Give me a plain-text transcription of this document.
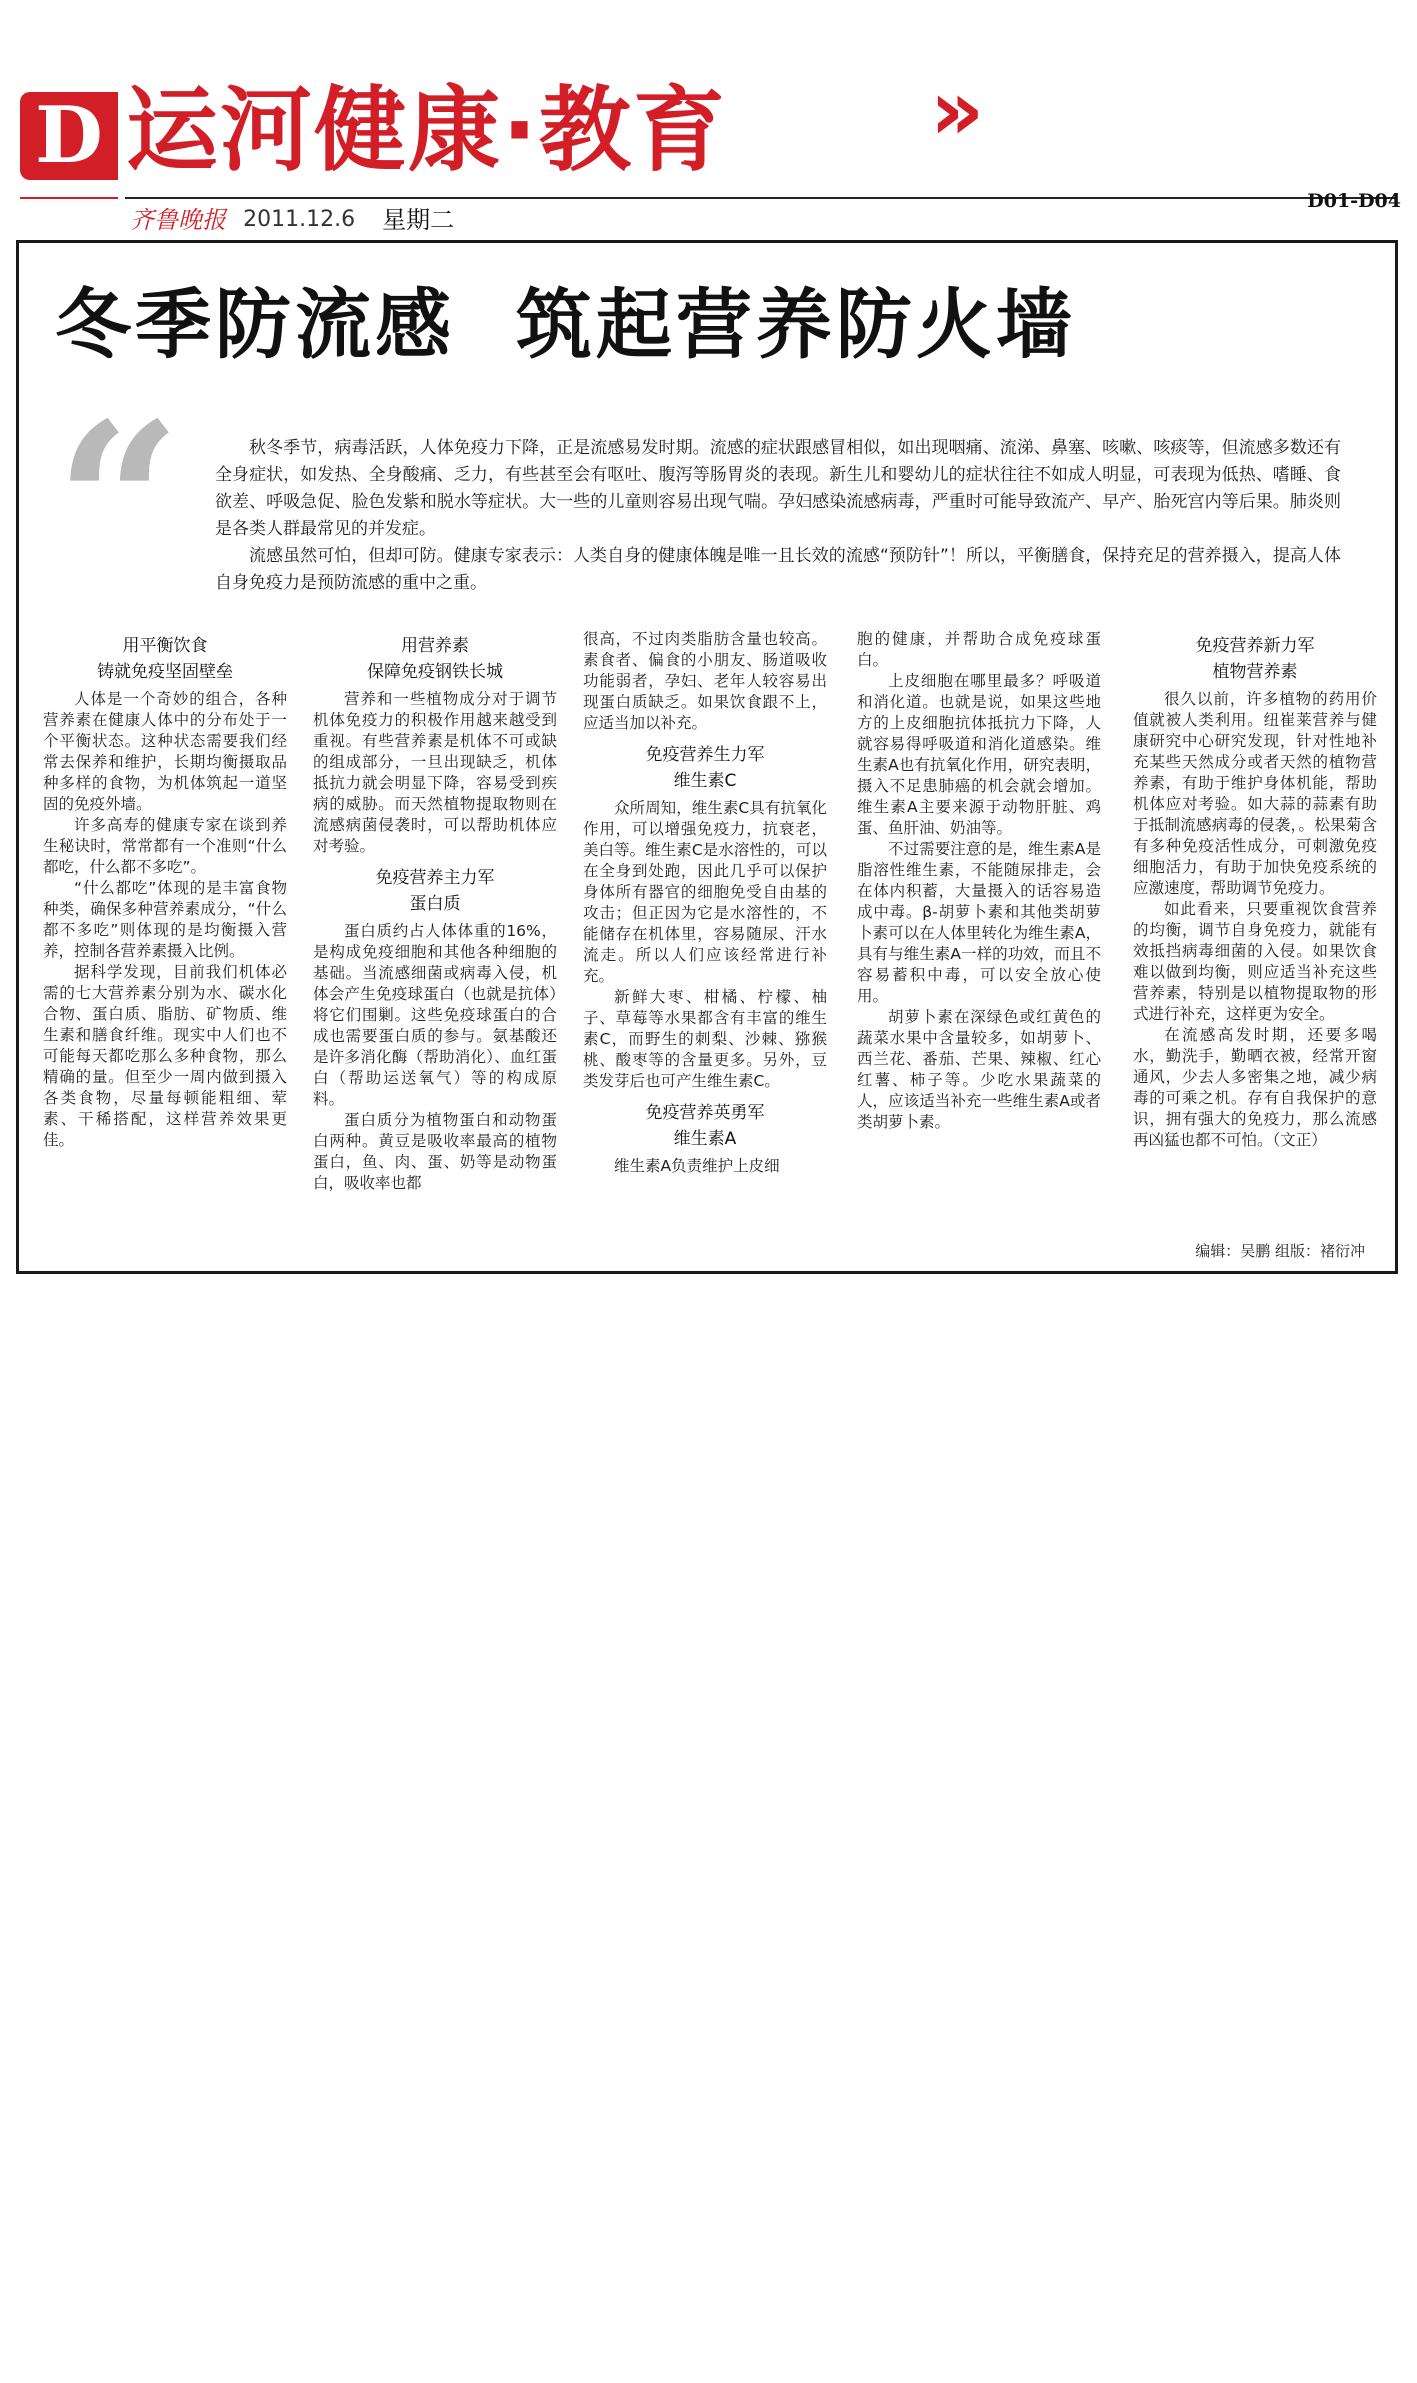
D 运河健康·教育 »
齐鲁晚报 2011.12.6 星期二
D01-D04
冬季防流感  筑起营养防火墙
“	秋冬季节，病毒活跃，人体免疫力下降，正是流感易发时期。流感的症状跟感冒相似，如出现咽痛、流涕、鼻塞、咳嗽、咳痰等，但流感多数还有全身症状，如发热、全身酸痛、乏力，有些甚至会有呕吐、腹泻等肠胃炎的表现。新生儿和婴幼儿的症状往往不如成人明显，可表现为低热、嗜睡、食欲差、呼吸急促、脸色发紫和脱水等症状。大一些的儿童则容易出现气喘。孕妇感染流感病毒，严重时可能导致流产、早产、胎死宫内等后果。肺炎则是各类人群最常见的并发症。

流感虽然可怕，但却可防。健康专家表示：人类自身的健康体魄是唯一且长效的流感“预防针”！所以，平衡膳食，保持充足的营养摄入，提高人体自身免疫力是预防流感的重中之重。

用平衡饮食
铸就免疫坚固壁垒

人体是一个奇妙的组合，各种营养素在健康人体中的分布处于一个平衡状态。这种状态需要我们经常去保养和维护，长期均衡摄取品种多样的食物，为机体筑起一道坚固的免疫外墙。

许多高寿的健康专家在谈到养生秘诀时，常常都有一个准则“什么都吃，什么都不多吃”。

“什么都吃”体现的是丰富食物种类，确保多种营养素成分，“什么都不多吃”则体现的是均衡摄入营养，控制各营养素摄入比例。

据科学发现，目前我们机体必需的七大营养素分别为水、碳水化合物、蛋白质、脂肪、矿物质、维生素和膳食纤维。现实中人们也不可能每天都吃那么多种食物，那么精确的量。但至少一周内做到摄入各类食物，尽量每顿能粗细、荤素、干稀搭配，这样营养效果更佳。

用营养素
保障免疫钢铁长城

营养和一些植物成分对于调节机体免疫力的积极作用越来越受到重视。有些营养素是机体不可或缺的组成部分，一旦出现缺乏，机体抵抗力就会明显下降，容易受到疾病的威胁。而天然植物提取物则在流感病菌侵袭时，可以帮助机体应对考验。

免疫营养主力军
蛋白质

蛋白质约占人体体重的16%，是构成免疫细胞和其他各种细胞的基础。当流感细菌或病毒入侵，机体会产生免疫球蛋白（也就是抗体）将它们围剿。这些免疫球蛋白的合成也需要蛋白质的参与。氨基酸还是许多消化酶（帮助消化）、血红蛋白（帮助运送氧气）等的构成原料。

蛋白质分为植物蛋白和动物蛋白两种。黄豆是吸收率最高的植物蛋白，鱼、肉、蛋、奶等是动物蛋白，吸收率也都

很高，不过肉类脂肪含量也较高。素食者、偏食的小朋友、肠道吸收功能弱者，孕妇、老年人较容易出现蛋白质缺乏。如果饮食跟不上，应适当加以补充。

免疫营养生力军
维生素C

众所周知，维生素C具有抗氧化作用，可以增强免疫力，抗衰老，美白等。维生素C是水溶性的，可以在全身到处跑，因此几乎可以保护身体所有器官的细胞免受自由基的攻击；但正因为它是水溶性的，不能储存在机体里，容易随尿、汗水流走。所以人们应该经常进行补充。

新鲜大枣、柑橘、柠檬、柚子、草莓等水果都含有丰富的维生素C，而野生的刺梨、沙棘、猕猴桃、酸枣等的含量更多。另外，豆类发芽后也可产生维生素C。

免疫营养英勇军
维生素A

维生素A负责维护上皮细

胞的健康，并帮助合成免疫球蛋白。

上皮细胞在哪里最多？呼吸道和消化道。也就是说，如果这些地方的上皮细胞抗体抵抗力下降，人就容易得呼吸道和消化道感染。维生素A也有抗氧化作用，研究表明，摄入不足患肺癌的机会就会增加。维生素A主要来源于动物肝脏、鸡蛋、鱼肝油、奶油等。

不过需要注意的是，维生素A是脂溶性维生素，不能随尿排走，会在体内积蓄，大量摄入的话容易造成中毒。β-胡萝卜素和其他类胡萝卜素可以在人体里转化为维生素A，具有与维生素A一样的功效，而且不容易蓄积中毒，可以安全放心使用。

胡萝卜素在深绿色或红黄色的蔬菜水果中含量较多，如胡萝卜、西兰花、番茄、芒果、辣椒、红心红薯、柿子等。少吃水果蔬菜的人，应该适当补充一些维生素A或者类胡萝卜素。

免疫营养新力军
植物营养素

很久以前，许多植物的药用价值就被人类利用。纽崔莱营养与健康研究中心研究发现，针对性地补充某些天然成分或者天然的植物营养素，有助于维护身体机能，帮助机体应对考验。如大蒜的蒜素有助于抵制流感病毒的侵袭，。松果菊含有多种免疫活性成分，可刺激免疫细胞活力，有助于加快免疫系统的应激速度，帮助调节免疫力。

如此看来，只要重视饮食营养的均衡，调节自身免疫力，就能有效抵挡病毒细菌的入侵。如果饮食难以做到均衡，则应适当补充这些营养素，特别是以植物提取物的形式进行补充，这样更为安全。

在流感高发时期，还要多喝水，勤洗手，勤晒衣被，经常开窗通风，少去人多密集之地，减少病毒的可乘之机。存有自我保护的意识，拥有强大的免疫力，那么流感再凶猛也都不可怕。（文正）

编辑：吴鹏 组版：褚衍冲
